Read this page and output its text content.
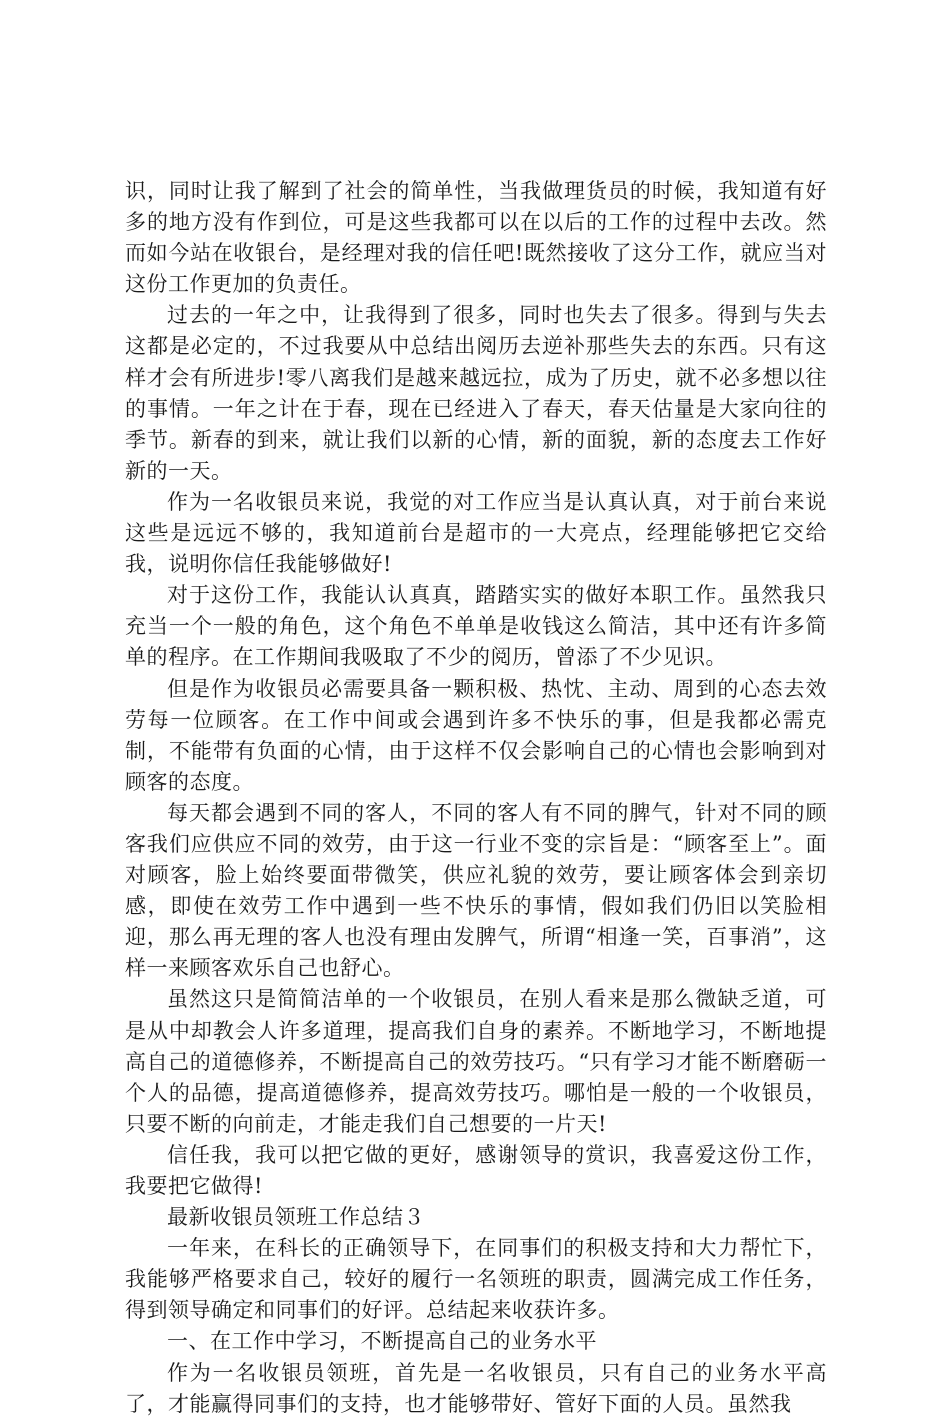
识，同时让我了解到了社会的简单性，当我做理货员的时候，我知道有好多的地方没有作到位，可是这些我都可以在以后的工作的过程中去改。然而如今站在收银台，是经理对我的信任吧!既然接收了这分工作，就应当对这份工作更加的负责任。

过去的一年之中，让我得到了很多，同时也失去了很多。得到与失去这都是必定的，不过我要从中总结出阅历去逆补那些失去的东西。只有这样才会有所进步!零八离我们是越来越远拉，成为了历史，就不必多想以往的事情。一年之计在于春，现在已经进入了春天，春天估量是大家向往的季节。新春的到来，就让我们以新的心情，新的面貌，新的态度去工作好新的一天。

作为一名收银员来说，我觉的对工作应当是认真认真，对于前台来说这些是远远不够的，我知道前台是超市的一大亮点，经理能够把它交给我，说明你信任我能够做好!

对于这份工作，我能认认真真，踏踏实实的做好本职工作。虽然我只充当一个一般的角色，这个角色不单单是收钱这么简洁，其中还有许多简单的程序。在工作期间我吸取了不少的阅历，曾添了不少见识。

但是作为收银员必需要具备一颗积极、热忱、主动、周到的心态去效劳每一位顾客。在工作中间或会遇到许多不快乐的事，但是我都必需克制，不能带有负面的心情，由于这样不仅会影响自己的心情也会影响到对顾客的态度。

每天都会遇到不同的客人，不同的客人有不同的脾气，针对不同的顾客我们应供应不同的效劳，由于这一行业不变的宗旨是：“顾客至上”。面对顾客，脸上始终要面带微笑，供应礼貌的效劳，要让顾客体会到亲切感，即使在效劳工作中遇到一些不快乐的事情，假如我们仍旧以笑脸相迎，那么再无理的客人也没有理由发脾气，所谓“相逢一笑，百事消”，这样一来顾客欢乐自己也舒心。

虽然这只是简简洁单的一个收银员，在别人看来是那么微缺乏道，可是从中却教会人许多道理，提高我们自身的素养。不断地学习，不断地提高自己的道德修养，不断提高自己的效劳技巧。“只有学习才能不断磨砺一个人的品德，提高道德修养，提高效劳技巧。哪怕是一般的一个收银员，只要不断的向前走，才能走我们自己想要的一片天!

信任我，我可以把它做的更好，感谢领导的赏识，我喜爱这份工作，我要把它做得!

最新收银员领班工作总结３

一年来，在科长的正确领导下，在同事们的积极支持和大力帮忙下，我能够严格要求自己，较好的履行一名领班的职责，圆满完成工作任务，得到领导确定和同事们的好评。总结起来收获许多。

一、在工作中学习，不断提高自己的业务水平

作为一名收银员领班，首先是一名收银员，只有自己的业务水平高了，才能赢得同事们的支持，也才能够带好、管好下面的人员。虽然我
